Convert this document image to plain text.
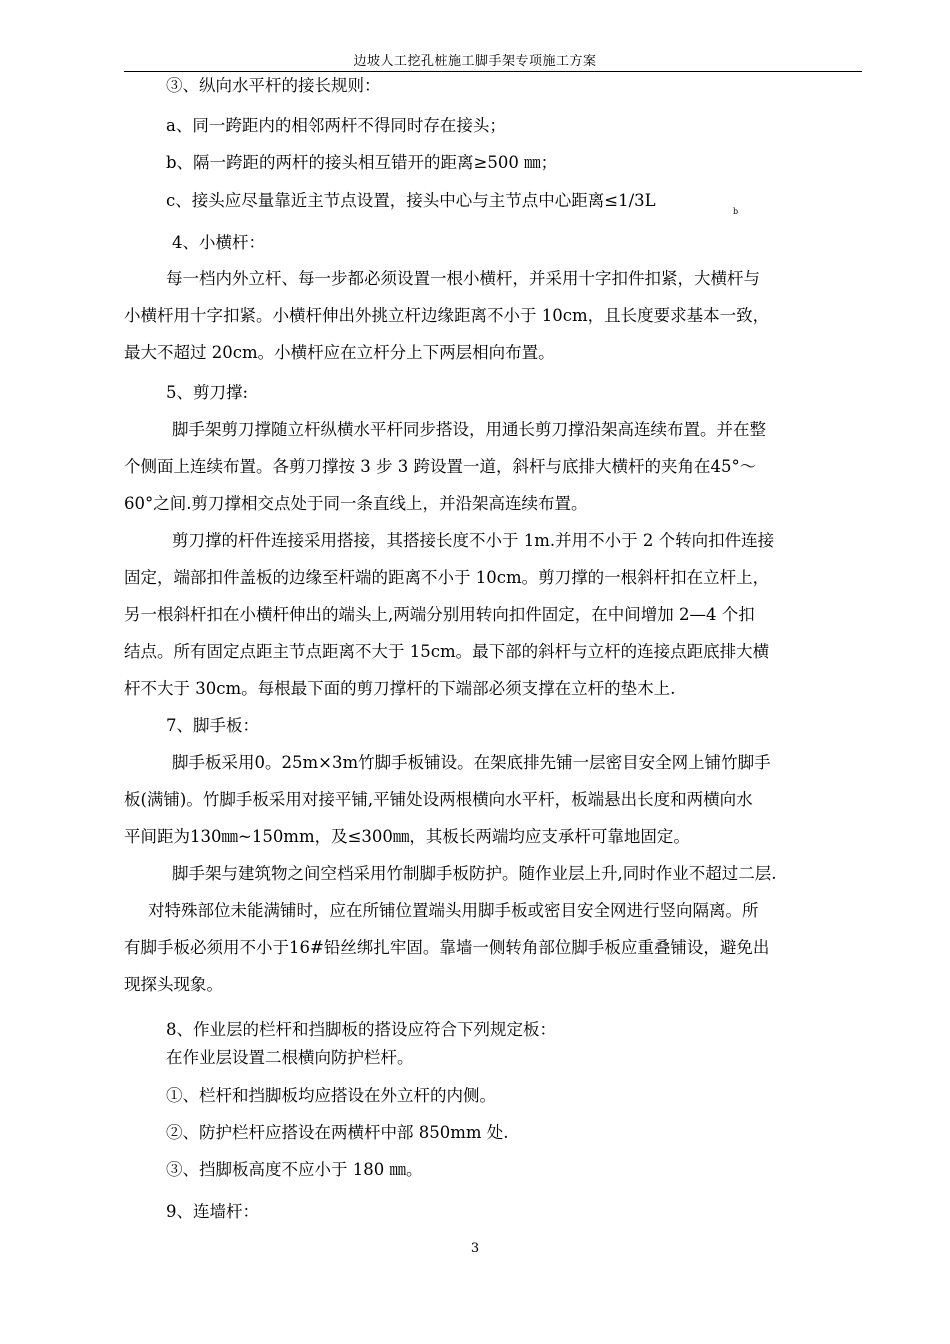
边坡人工挖孔桩施工脚手架专项施工方案
③、纵向水平杆的接长规则：
a、同一跨距内的相邻两杆不得同时存在接头；
b、隔一跨距的两杆的接头相互错开的距离≥500 ㎜；
c、接头应尽量靠近主节点设置，接头中心与主节点中心距离≤1/3L
b
4、小横杆：
每一档内外立杆、每一步都必须设置一根小横杆，并采用十字扣件扣紧，大横杆与
小横杆用十字扣紧。小横杆伸出外挑立杆边缘距离不小于 10cm，且长度要求基本一致，
最大不超过 20cm。小横杆应在立杆分上下两层相向布置。
5、剪刀撑:
脚手架剪刀撑随立杆纵横水平杆同步搭设，用通长剪刀撑沿架高连续布置。并在整
个侧面上连续布置。各剪刀撑按 3 步 3 跨设置一道，斜杆与底排大横杆的夹角在45°～
60°之间.剪刀撑相交点处于同一条直线上，并沿架高连续布置。
剪刀撑的杆件连接采用搭接，其搭接长度不小于 1m.并用不小于 2 个转向扣件连接
固定，端部扣件盖板的边缘至杆端的距离不小于 10cm。剪刀撑的一根斜杆扣在立杆上，
另一根斜杆扣在小横杆伸出的端头上,两端分别用转向扣件固定，在中间增加 2—4 个扣
结点。所有固定点距主节点距离不大于 15cm。最下部的斜杆与立杆的连接点距底排大横
杆不大于 30cm。每根最下面的剪刀撑杆的下端部必须支撑在立杆的垫木上.
7、脚手板：
脚手板采用0。25m×3m竹脚手板铺设。在架底排先铺一层密目安全网上铺竹脚手
板(满铺)。竹脚手板采用对接平铺,平铺处设两根横向水平杆，板端悬出长度和两横向水
平间距为130㎜~150mm，及≤300㎜，其板长两端均应支承杆可靠地固定。
脚手架与建筑物之间空档采用竹制脚手板防护。随作业层上升,同时作业不超过二层.
对特殊部位未能满铺时，应在所铺位置端头用脚手板或密目安全网进行竖向隔离。所
有脚手板必须用不小于16#铅丝绑扎牢固。靠墙一侧转角部位脚手板应重叠铺设，避免出
现探头现象。
8、作业层的栏杆和挡脚板的搭设应符合下列规定板：
在作业层设置二根横向防护栏杆。
①、栏杆和挡脚板均应搭设在外立杆的内侧。
②、防护栏杆应搭设在两横杆中部 850mm 处.
③、挡脚板高度不应小于 180 ㎜。
9、连墙杆：
3
